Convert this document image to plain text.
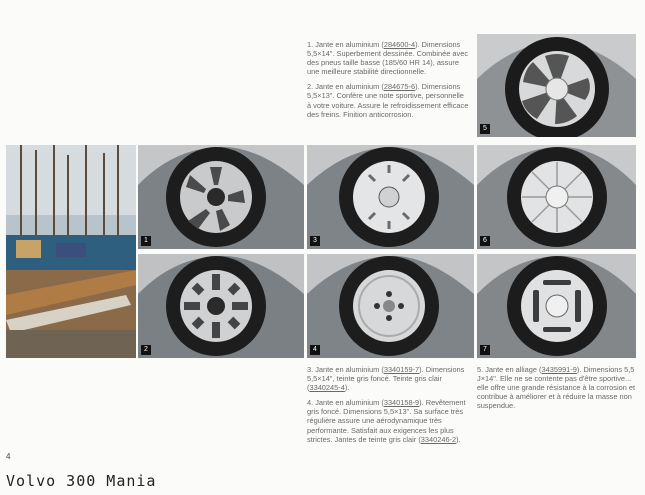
1. Jante en aluminium (284600-4). Dimensions 5,5×14". Superbement dessinée. Combinée avec des pneus taille basse (185/60 HR 14), assure une meilleure stabilité directionnelle.

2. Jante en aluminium (284675-6). Dimensions 5,5×13". Confère une note sportive, personnelle à votre voiture. Assure le refroidissement efficace des freins. Finition anticorrosion.

5
1	3	6
2	4	7

3. Jante en aluminium (3340159-7). Dimensions 5,5×14", teinte gris foncé. Teinte gris clair (3340245-4).

4. Jante en aluminium (3340158-9). Revêtement gris foncé. Dimensions 5,5×13". Sa surface très régulière assure une aérodynamique très performante. Satisfait aux exigences les plus strictes. Jantes de teinte gris clair (3340246-2).

5. Jante en alliage (3435991-9). Dimensions 5,5 J×14". Elle ne se contente pas d'être sportive... elle offre une grande résistance à la corrosion et contribue à améliorer et à réduire la masse non suspendue.

4
Volvo 300 Mania
